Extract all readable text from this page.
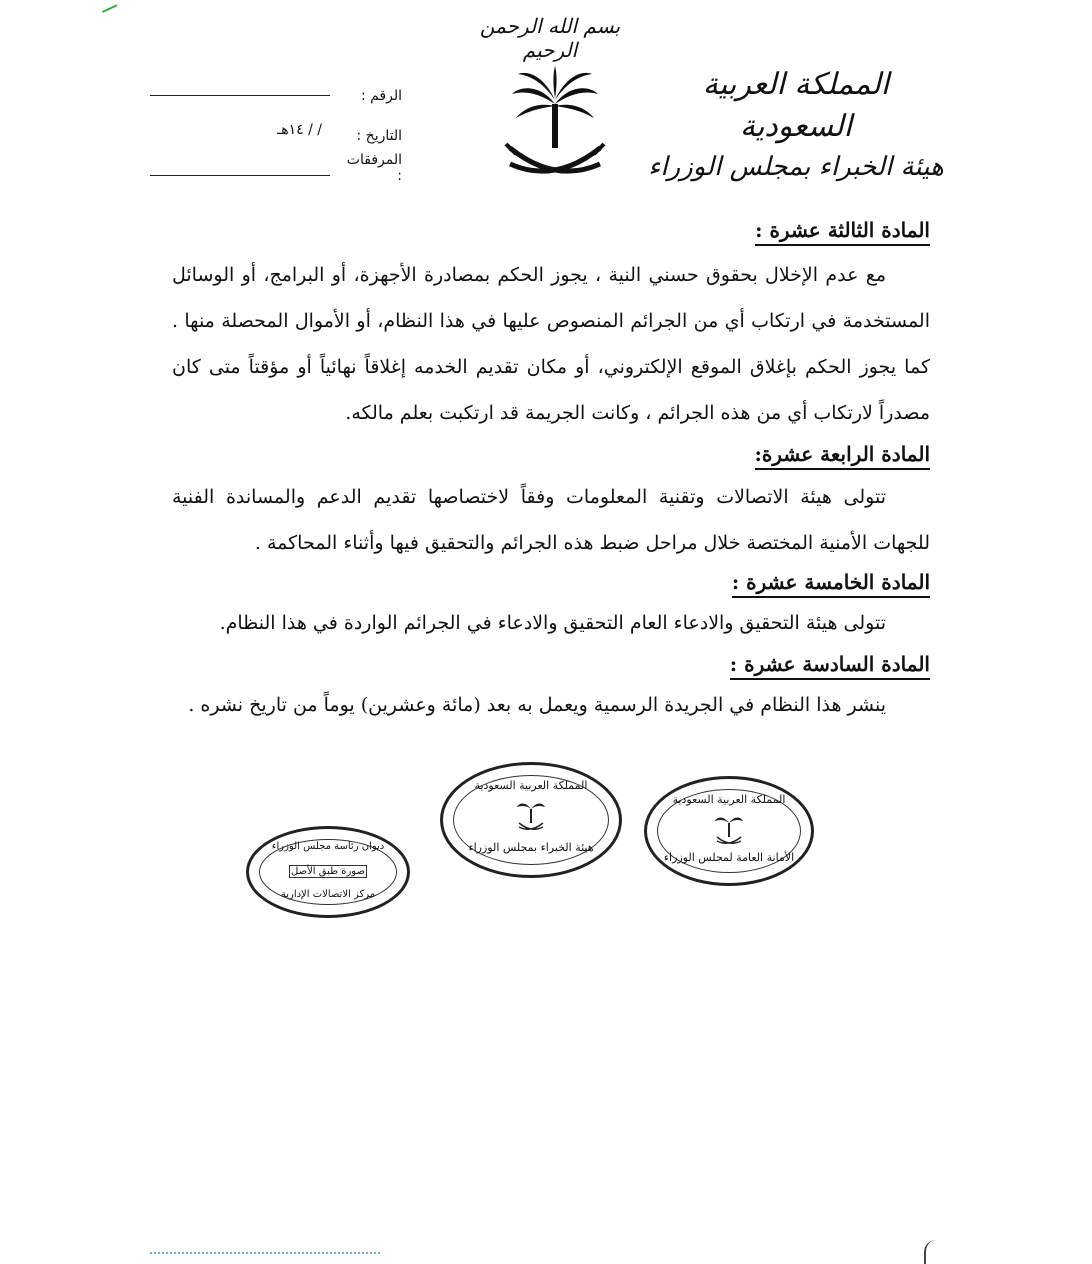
بسم الله الرحمن الرحيم
المملكة العربية السعودية
هيئة الخبراء بمجلس الوزراء
الرقم :
التاريخ :
/ / ١٤هـ
المرفقات :
المادة الثالثة عشرة :
مع عدم الإخلال بحقوق حسني النية ، يجوز الحكم بمصادرة الأجهزة، أو البرامج، أو الوسائل المستخدمة في ارتكاب أي من الجرائم المنصوص عليها في هذا النظام، أو الأموال المحصلة منها . كما يجوز الحكم بإغلاق الموقع الإلكتروني، أو مكان تقديم الخدمه إغلاقاً نهائياً أو مؤقتاً متى كان مصدراً لارتكاب أي من هذه الجرائم ، وكانت الجريمة قد ارتكبت بعلم مالكه.
المادة الرابعة عشرة:
تتولى هيئة الاتصالات وتقنية المعلومات وفقاً لاختصاصها تقديم الدعم والمساندة الفنية للجهات الأمنية المختصة خلال مراحل ضبط هذه الجرائم والتحقيق فيها وأثناء المحاكمة .
المادة الخامسة عشرة :
تتولى هيئة التحقيق والادعاء العام التحقيق والادعاء في الجرائم الواردة في هذا النظام.
المادة السادسة عشرة :
ينشر هذا النظام في الجريدة الرسمية ويعمل به بعد (مائة وعشرين) يوماً من تاريخ نشره .
المملكة العربية السعودية
الأمانة العامة لمجلس الوزراء
المملكة العربية السعودية
هيئة الخبراء بمجلس الوزراء
ديوان رئاسة مجلس الوزراء
صورة طبق الأصل
مركز الاتصالات الإدارية
